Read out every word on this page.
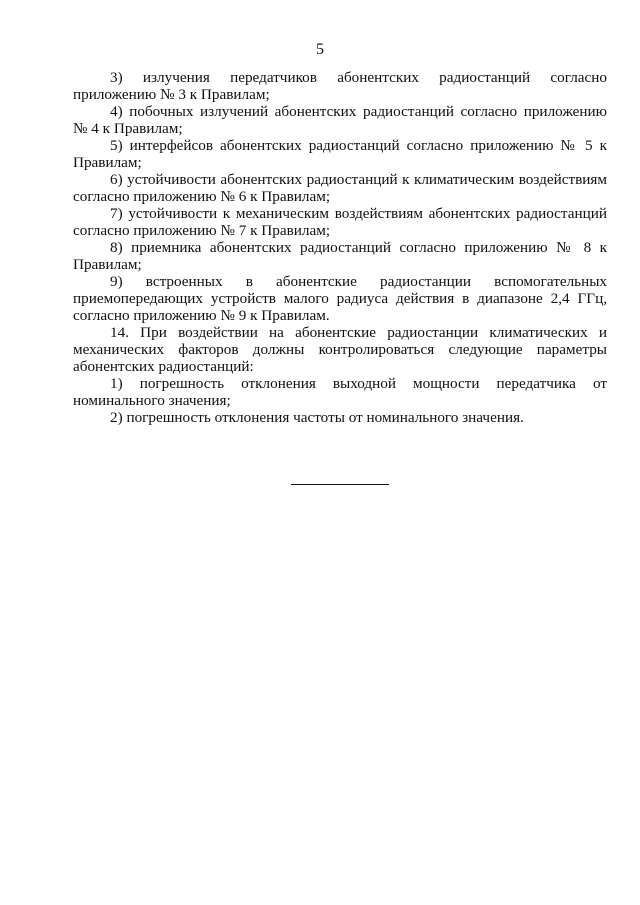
5

3) излучения передатчиков абонентских радиостанций согласно приложению № 3 к Правилам;

4) побочных излучений абонентских радиостанций согласно приложению № 4 к Правилам;

5) интерфейсов абонентских радиостанций согласно приложению № 5 к Правилам;

6) устойчивости абонентских радиостанций к климатическим воздействиям согласно приложению № 6 к Правилам;

7) устойчивости к механическим воздействиям абонентских радиостанций согласно приложению № 7 к Правилам;

8) приемника абонентских радиостанций согласно приложению № 8 к Правилам;

9) встроенных в абонентские радиостанции вспомогательных приемопередающих устройств малого радиуса действия в диапазоне 2,4 ГГц, согласно приложению № 9 к Правилам.

14. При воздействии на абонентские радиостанции климатических и механических факторов должны контролироваться следующие параметры абонентских радиостанций:

1) погрешность отклонения выходной мощности передатчика от номинального значения;

2) погрешность отклонения частоты от номинального значения.
